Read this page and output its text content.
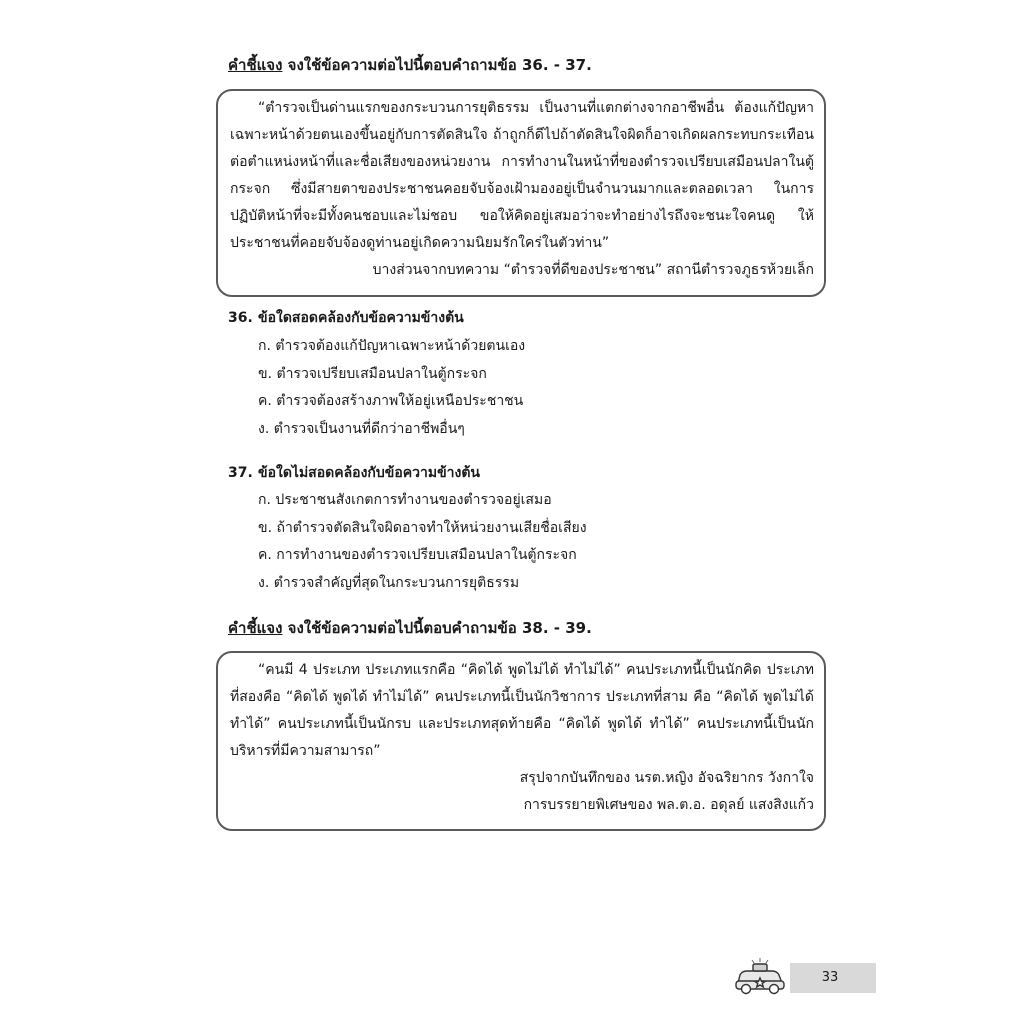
คำชี้แจง จงใช้ข้อความต่อไปนี้ตอบคำถามข้อ 36. - 37.

“ตำรวจเป็นด่านแรกของกระบวนการยุติธรรม เป็นงานที่แตกต่างจากอาชีพอื่น ต้องแก้ปัญหาเฉพาะหน้าด้วยตนเองขึ้นอยู่กับการตัดสินใจ ถ้าถูกก็ดีไปถ้าตัดสินใจผิดก็อาจเกิดผลกระทบกระเทือนต่อตำแหน่งหน้าที่และชื่อเสียงของหน่วยงาน การทำงานในหน้าที่ของตำรวจเปรียบเสมือนปลาในตู้กระจก ซึ่งมีสายตาของประชาชนคอยจับจ้องเฝ้ามองอยู่เป็นจำนวนมากและตลอดเวลา ในการปฏิบัติหน้าที่จะมีทั้งคนชอบและไม่ชอบ ขอให้คิดอยู่เสมอว่าจะทำอย่างไรถึงจะชนะใจคนดู ให้ประชาชนที่คอยจับจ้องดูท่านอยู่เกิดความนิยมรักใคร่ในตัวท่าน”

บางส่วนจากบทความ “ตำรวจที่ดีของประชาชน” สถานีตำรวจภูธรห้วยเล็ก

36. ข้อใดสอดคล้องกับข้อความข้างต้น
ก. ตำรวจต้องแก้ปัญหาเฉพาะหน้าด้วยตนเอง
ข. ตำรวจเปรียบเสมือนปลาในตู้กระจก
ค. ตำรวจต้องสร้างภาพให้อยู่เหนือประชาชน
ง. ตำรวจเป็นงานที่ดีกว่าอาชีพอื่นๆ
37. ข้อใดไม่สอดคล้องกับข้อความข้างต้น
ก. ประชาชนสังเกตการทำงานของตำรวจอยู่เสมอ
ข. ถ้าตำรวจตัดสินใจผิดอาจทำให้หน่วยงานเสียชื่อเสียง
ค. การทำงานของตำรวจเปรียบเสมือนปลาในตู้กระจก
ง. ตำรวจสำคัญที่สุดในกระบวนการยุติธรรม
คำชี้แจง จงใช้ข้อความต่อไปนี้ตอบคำถามข้อ 38. - 39.

“คนมี 4 ประเภท ประเภทแรกคือ “คิดได้ พูดไม่ได้ ทำไม่ได้” คนประเภทนี้เป็นนักคิด ประเภทที่สองคือ “คิดได้ พูดได้ ทำไม่ได้” คนประเภทนี้เป็นนักวิชาการ ประเภทที่สาม คือ “คิดได้ พูดไม่ได้ ทำได้” คนประเภทนี้เป็นนักรบ และประเภทสุดท้ายคือ “คิดได้ พูดได้ ทำได้” คนประเภทนี้เป็นนักบริหารที่มีความสามารถ”

สรุปจากบันทึกของ นรต.หญิง อัจฉริยากร วังกาใจ

การบรรยายพิเศษของ พล.ต.อ. อดุลย์ แสงสิงแก้ว

33
